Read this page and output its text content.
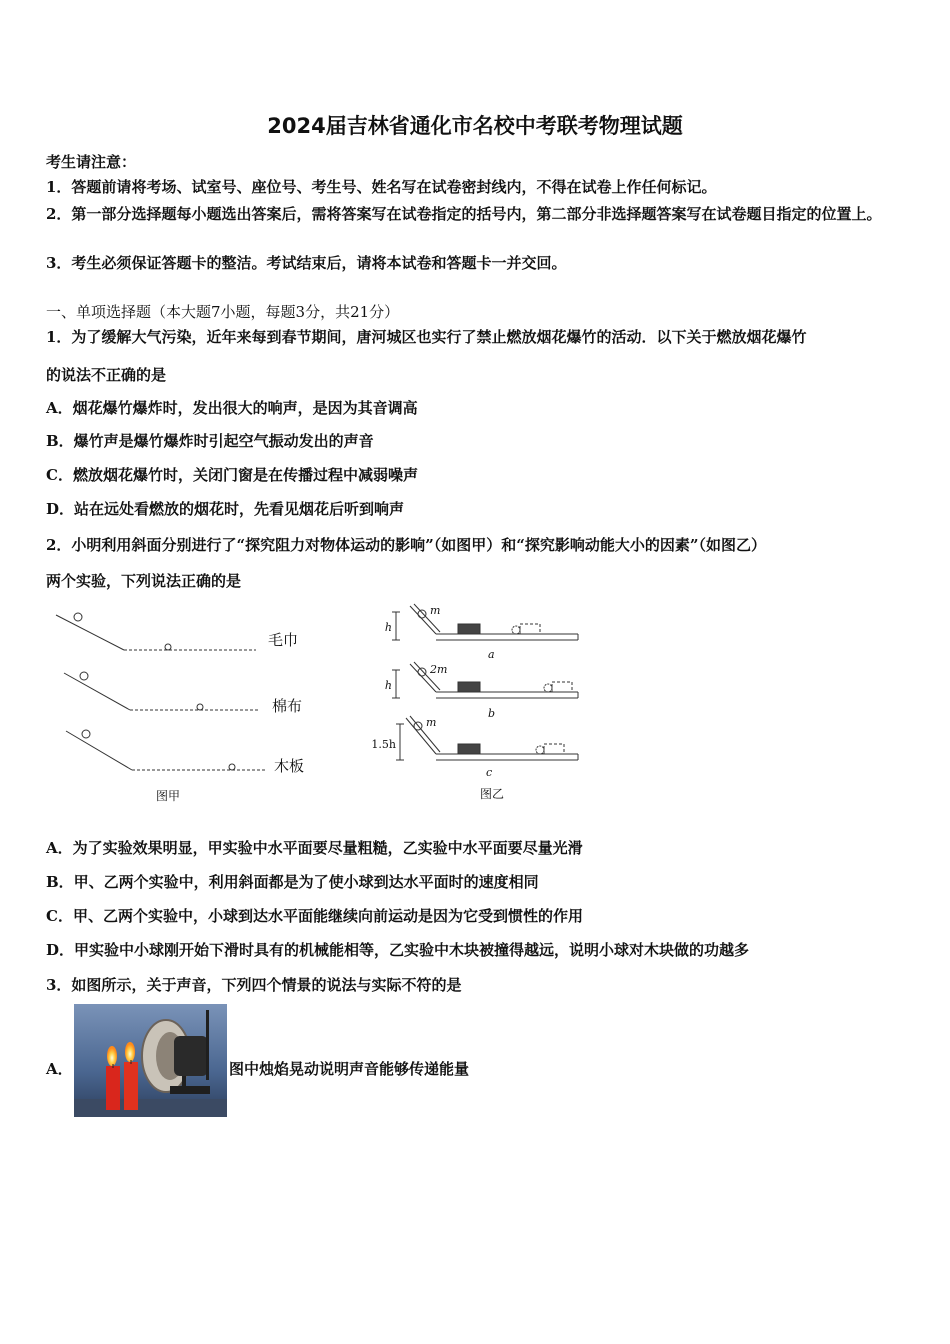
2024届吉林省通化市名校中考联考物理试题
考生请注意：
1．答题前请将考场、试室号、座位号、考生号、姓名写在试卷密封线内，不得在试卷上作任何标记。
2．第一部分选择题每小题选出答案后，需将答案写在试卷指定的括号内，第二部分非选择题答案写在试卷题目指定的位置上。
3．考生必须保证答题卡的整洁。考试结束后，请将本试卷和答题卡一并交回。
一、单项选择题（本大题7小题，每题3分，共21分）
1．为了缓解大气污染，近年来每到春节期间，唐河城区也实行了禁止燃放烟花爆竹的活动．以下关于燃放烟花爆竹
的说法不正确的是
A．烟花爆竹爆炸时，发出很大的响声，是因为其音调高
B．爆竹声是爆竹爆炸时引起空气振动发出的声音
C．燃放烟花爆竹时，关闭门窗是在传播过程中减弱噪声
D．站在远处看燃放的烟花时，先看见烟花后听到响声
2．小明利用斜面分别进行了“探究阻力对物体运动的影响”（如图甲）和“探究影响动能大小的因素”（如图乙）
两个实验，下列说法正确的是
毛巾
棉布
木板
图甲
m
h
a
2m
h
b
m
1.5h
c
图乙
A．为了实验效果明显，甲实验中水平面要尽量粗糙，乙实验中水平面要尽量光滑
B．甲、乙两个实验中，利用斜面都是为了使小球到达水平面时的速度相同
C．甲、乙两个实验中，小球到达水平面能继续向前运动是因为它受到惯性的作用
D．甲实验中小球刚开始下滑时具有的机械能相等，乙实验中木块被撞得越远，说明小球对木块做的功越多
3．如图所示，关于声音，下列四个情景的说法与实际不符的是
A．	图中烛焰晃动说明声音能够传递能量
